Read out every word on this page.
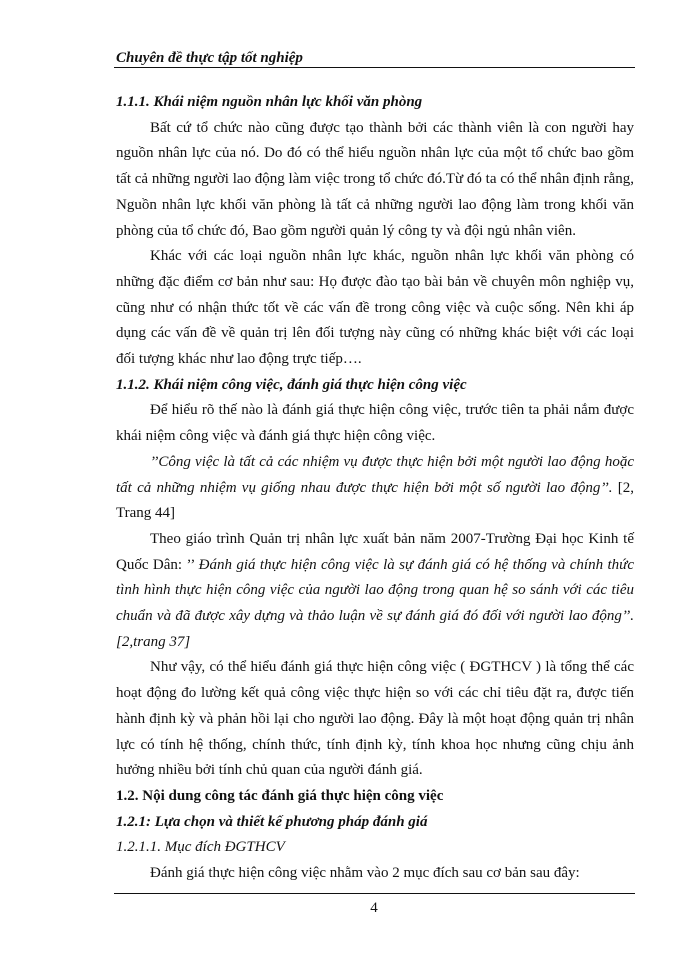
Chuyên đề thực tập tốt nghiệp
1.1.1. Khái niệm nguồn nhân lực khối văn phòng
Bất cứ tổ chức nào cũng được tạo thành bởi các thành viên là con người hay nguồn nhân lực của nó. Do đó có thể hiểu nguồn nhân lực của một tổ chức bao gồm tất cả những người lao động làm việc trong tổ chức đó.Từ đó ta có thể nhân định rằng, Nguồn nhân lực khối văn phòng là tất cả những người lao động làm trong khối văn phòng của tổ chức đó, Bao gồm người quản lý công ty và đội ngủ nhân viên.
Khác với các loại nguồn nhân lực khác, nguồn nhân lực khối văn phòng có những đặc điểm cơ bản như sau: Họ được đào tạo bài bản về chuyên môn nghiệp vụ, cũng như có nhận thức tốt về các vấn đề trong công việc và cuộc sống. Nên khi áp dụng các vấn đề về quản trị lên đối tượng này cũng có những khác biệt với các loại đối tượng khác như lao động trực tiếp….
1.1.2. Khái niệm công việc, đánh giá thực hiện công việc
Để hiểu rõ thế nào là đánh giá thực hiện công việc, trước tiên ta phải nắm được khái niệm công việc và đánh giá thực hiện công việc.
’’Công việc là tất cả các nhiệm vụ được thực hiện bởi một người lao động hoặc tất cả những nhiệm vụ giống nhau được thực hiện bởi một số người lao động’’. [2, Trang 44]
Theo giáo trình Quản trị nhân lực xuất bản năm 2007-Trường Đại học Kinh tế Quốc Dân: ’’ Đánh giá thực hiện công việc là sự đánh giá có hệ thống và chính thức tình hình thực hiện công việc của người lao động trong quan hệ so sánh với các tiêu chuẩn và đã được xây dựng và thảo luận về sự đánh giá đó đối với người lao động’’.[2,trang 37]
Như vậy, có thể hiểu đánh giá thực hiện công việc ( ĐGTHCV ) là tổng thể các hoạt động đo lường kết quả công việc thực hiện so với các chỉ tiêu đặt ra, được tiến hành định kỳ và phản hồi lại cho người lao động. Đây là một hoạt động quản trị nhân lực có tính hệ thống, chính thức, tính định kỳ, tính khoa học nhưng cũng chịu ảnh hưởng nhiều bởi tính chủ quan của người đánh giá.
1.2. Nội dung công tác đánh giá thực hiện công việc
1.2.1: Lựa chọn và thiết kế phương pháp đánh giá
1.2.1.1. Mục đích ĐGTHCV
Đánh giá thực hiện công việc nhằm vào 2 mục đích sau cơ bản sau đây:
4
